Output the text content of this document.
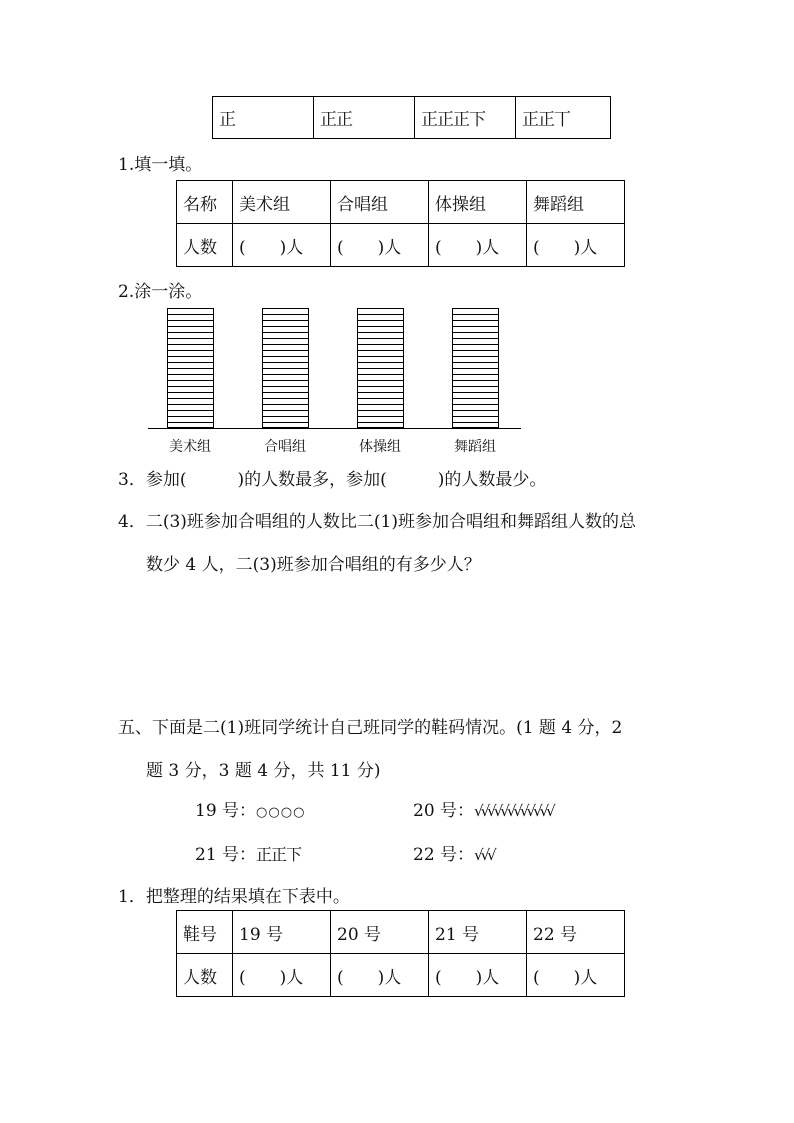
正	正正	正正正下	正正丅
1.填一填。
名称	美术组	合唱组	体操组	舞蹈组
人数	(　　)人	(　　)人	(　　)人	(　　)人
2.涂一涂。
美术组	合唱组	体操组	舞蹈组
3．参加(　　　)的人数最多，参加(　　　)的人数最少。
4．二(3)班参加合唱组的人数比二(1)班参加合唱组和舞蹈组人数的总
数少 4 人，二(3)班参加合唱组的有多少人？
五、下面是二(1)班同学统计自己班同学的鞋码情况。(1 题 4 分，2
题 3 分，3 题 4 分，共 11 分)
19 号：○○○○	20 号：√√√√√√√√√√√√
21 号：正正下	22 号：√√√
1．把整理的结果填在下表中。
鞋号	19 号	20 号	21 号	22 号
人数	(　　)人	(　　)人	(　　)人	(　　)人
